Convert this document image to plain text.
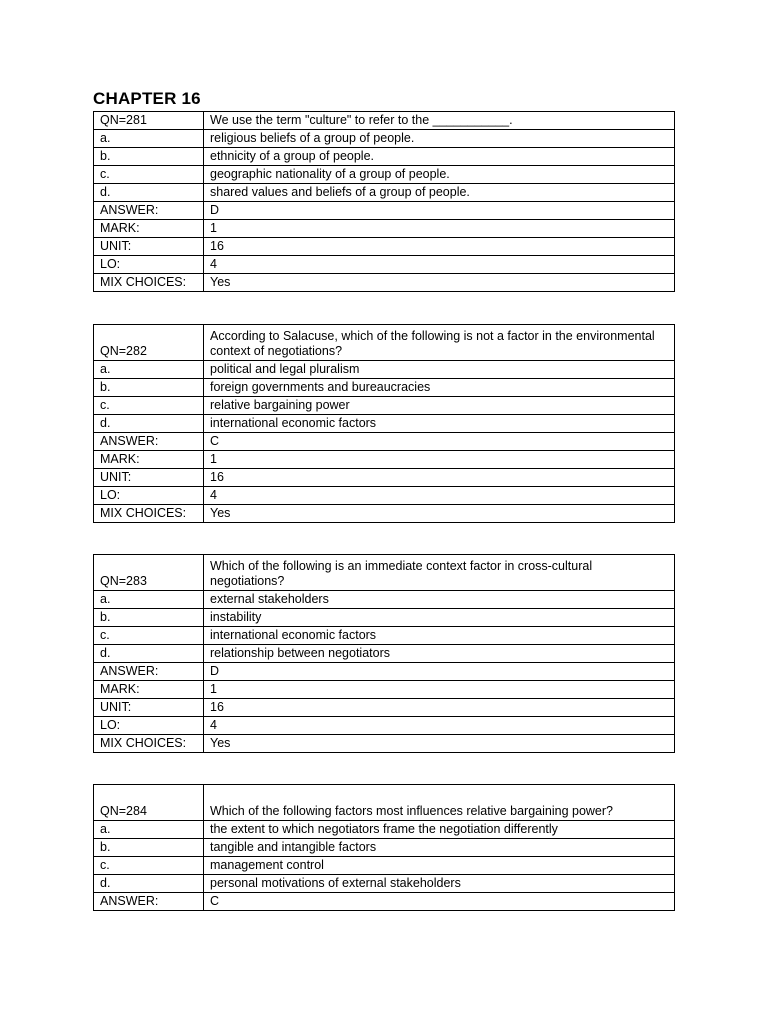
CHAPTER 16
QN=281	We use the term "culture" to refer to the ___________.
a.	religious beliefs of a group of people.
b.	ethnicity of a group of people.
c.	geographic nationality of a group of people.
d.	shared values and beliefs of a group of people.
ANSWER:	D
MARK:	1
UNIT:	16
LO:	4
MIX CHOICES:	Yes
QN=282	According to Salacuse, which of the following is not a factor in the environmental context of negotiations?
a.	political and legal pluralism
b.	foreign governments and bureaucracies
c.	relative bargaining power
d.	international economic factors
ANSWER:	C
MARK:	1
UNIT:	16
LO:	4
MIX CHOICES:	Yes
QN=283	Which of the following is an immediate context factor in cross-cultural negotiations?
a.	external stakeholders
b.	instability
c.	international economic factors
d.	relationship between negotiators
ANSWER:	D
MARK:	1
UNIT:	16
LO:	4
MIX CHOICES:	Yes
QN=284	Which of the following factors most influences relative bargaining power?
a.	the extent to which negotiators frame the negotiation differently
b.	tangible and intangible factors
c.	management control
d.	personal motivations of external stakeholders
ANSWER:	C
